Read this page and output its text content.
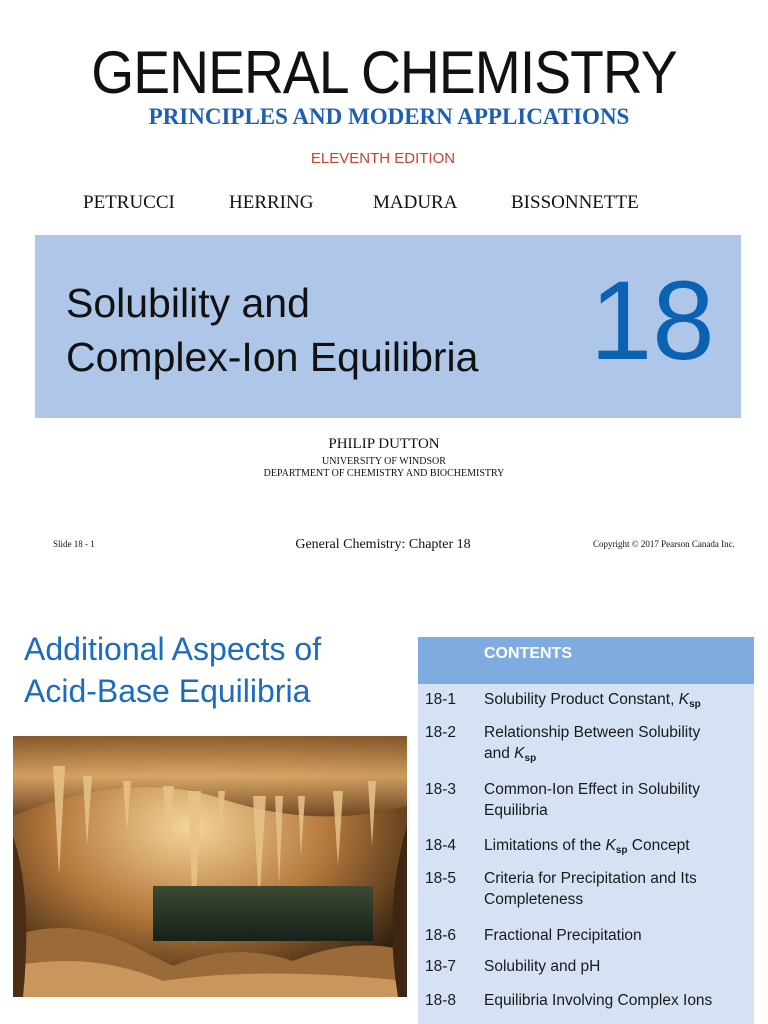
GENERAL CHEMISTRY
PRINCIPLES AND MODERN APPLICATIONS
ELEVENTH EDITION
PETRUCCI	HERRING	MADURA	BISSONNETTE
Solubility and
Complex-Ion Equilibria 18
PHILIP DUTTON
UNIVERSITY OF WINDSOR
DEPARTMENT OF CHEMISTRY AND BIOCHEMISTRY
Slide 18 - 1	General Chemistry: Chapter 18	Copyright © 2017 Pearson Canada Inc.
Additional Aspects of
Acid-Base Equilibria
CONTENTS
18-1 Solubility Product Constant, $K_{sp}$
18-2 Relationship Between Solubility
and $K_{sp}$
18-3 Common-Ion Effect in Solubility
Equilibria
18-4 Limitations of the $K_{sp}$ Concept
18-5 Criteria for Precipitation and Its
Completeness
18-6 Fractional Precipitation
18-7 Solubility and pH
18-8 Equilibria Involving Complex Ions
